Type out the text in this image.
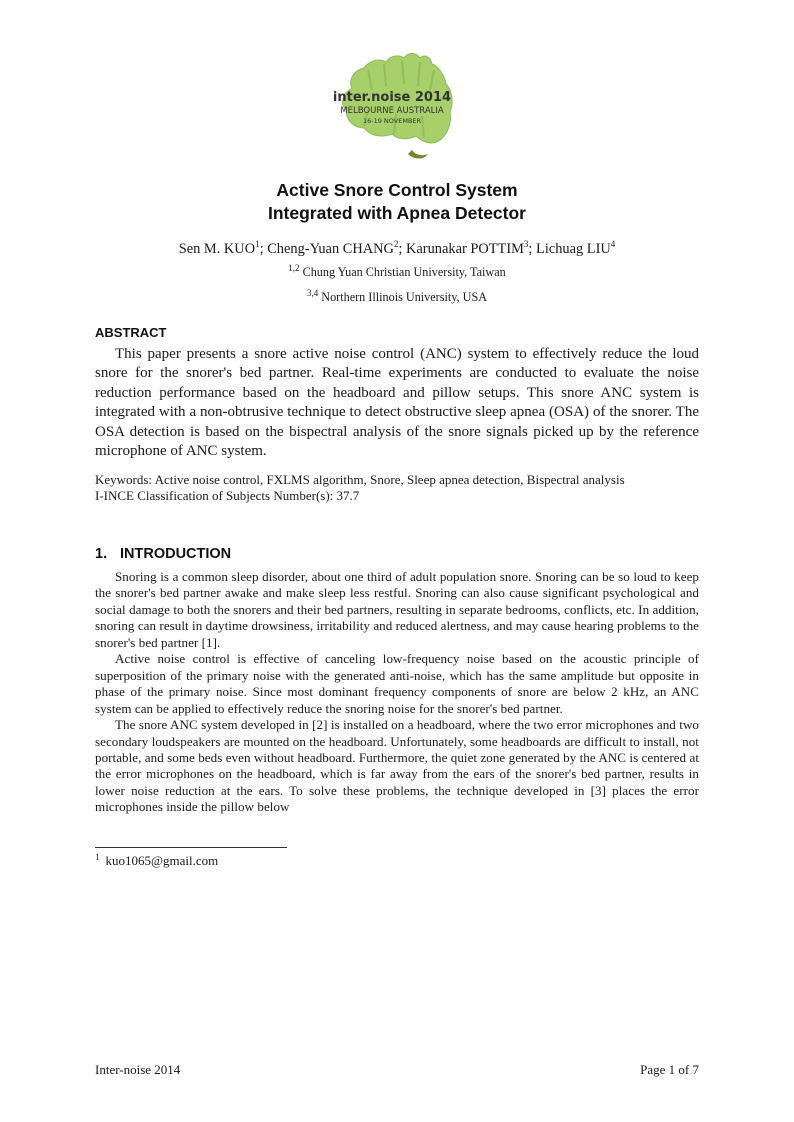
inter.noise 2014
MELBOURNE AUSTRALIA
16-19 NOVEMBER
Active Snore Control System
Integrated with Apnea Detector
Sen M. KUO$^1$; Cheng-Yuan CHANG$^2$; Karunakar POTTIM$^3$; Lichuag LIU$^4$
$^{1,2}$ Chung Yuan Christian University, Taiwan
$^{3,4}$ Northern Illinois University, USA
ABSTRACT

This paper presents a snore active noise control (ANC) system to effectively reduce the loud snore for the snorer's bed partner. Real-time experiments are conducted to evaluate the noise reduction performance based on the headboard and pillow setups. This snore ANC system is integrated with a non-obtrusive technique to detect obstructive sleep apnea (OSA) of the snorer. The OSA detection is based on the bispectral analysis of the snore signals picked up by the reference microphone of ANC system.

Keywords: Active noise control, FXLMS algorithm, Snore, Sleep apnea detection, Bispectral analysis
I-INCE Classification of Subjects Number(s): 37.7
1. INTRODUCTION

Snoring is a common sleep disorder, about one third of adult population snore. Snoring can be so loud to keep the snorer's bed partner awake and make sleep less restful. Snoring can also cause significant psychological and social damage to both the snorers and their bed partners, resulting in separate bedrooms, conflicts, etc. In addition, snoring can result in daytime drowsiness, irritability and reduced alertness, and may cause hearing problems to the snorer's bed partner [1].

Active noise control is effective of canceling low-frequency noise based on the acoustic principle of superposition of the primary noise with the generated anti-noise, which has the same amplitude but opposite in phase of the primary noise. Since most dominant frequency components of snore are below 2 kHz, an ANC system can be applied to effectively reduce the snoring noise for the snorer's bed partner.

The snore ANC system developed in [2] is installed on a headboard, where the two error microphones and two secondary loudspeakers are mounted on the headboard. Unfortunately, some headboards are difficult to install, not portable, and some beds even without headboard. Furthermore, the quiet zone generated by the ANC is centered at the error microphones on the headboard, which is far away from the ears of the snorer's bed partner, results in lower noise reduction at the ears. To solve these problems, the technique developed in [3] places the error microphones inside the pillow below

$^1$ kuo1065@gmail.com
Inter-noise 2014	Page 1 of 7
